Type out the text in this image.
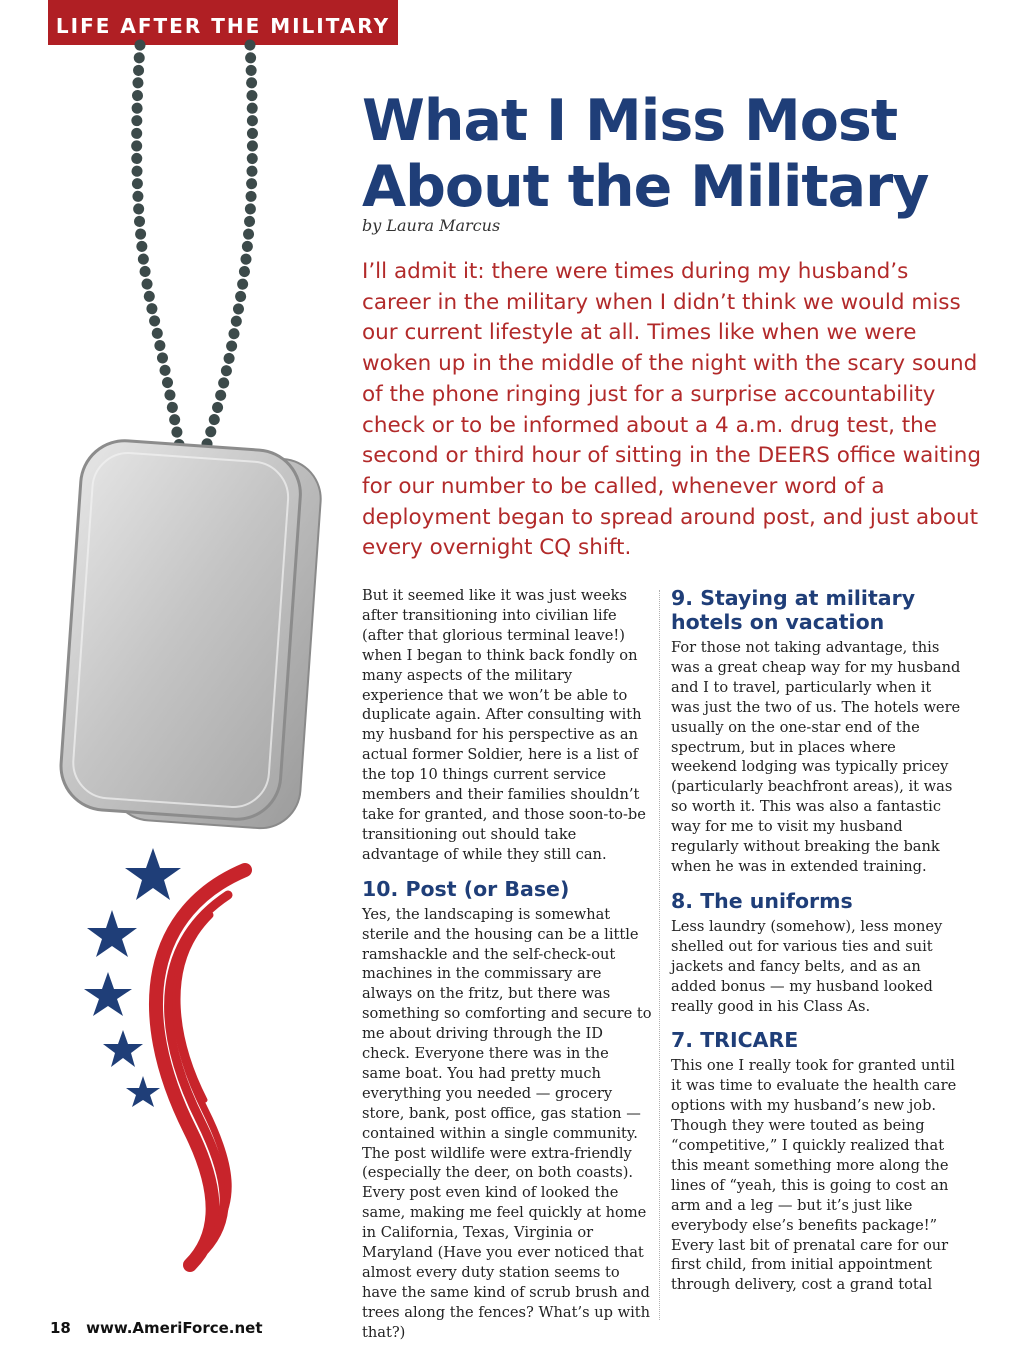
LIFE AFTER THE MILITARY
What I Miss Most About the Military
by Laura Marcus

I’ll admit it: there were times during my husband’s career in the military when I didn’t think we would miss our current lifestyle at all. Times like when we were woken up in the middle of the night with the scary sound of the phone ringing just for a surprise accountability check or to be informed about a 4 a.m. drug test, the second or third hour of sitting in the DEERS office waiting for our number to be called, whenever word of a deployment began to spread around post, and just about every overnight CQ shift.

But it seemed like it was just weeks after transitioning into civilian life (after that glorious terminal leave!) when I began to think back fondly on many aspects of the military experience that we won’t be able to duplicate again. After consulting with my husband for his perspective as an actual former Soldier, here is a list of the top 10 things current service members and their families shouldn’t take for granted, and those soon-to-be transitioning out should take advantage of while they still can.

10. Post (or Base)

Yes, the landscaping is somewhat sterile and the housing can be a little ramshackle and the self-check-out machines in the commissary are always on the fritz, but there was something so comforting and secure to me about driving through the ID check. Everyone there was in the same boat. You had pretty much everything you needed — grocery store, bank, post office, gas station — contained within a single community. The post wildlife were extra-friendly (especially the deer, on both coasts). Every post even kind of looked the same, making me feel quickly at home in California, Texas, Virginia or Maryland (Have you ever noticed that almost every duty station seems to have the same kind of scrub brush and trees along the fences? What’s up with that?)

9. Staying at military hotels on vacation

For those not taking advantage, this was a great cheap way for my husband and I to travel, particularly when it was just the two of us. The hotels were usually on the one-star end of the spectrum, but in places where weekend lodging was typically pricey (particularly beachfront areas), it was so worth it. This was also a fantastic way for me to visit my husband regularly without breaking the bank when he was in extended training.

8. The uniforms

Less laundry (somehow), less money shelled out for various ties and suit jackets and fancy belts, and as an added bonus — my husband looked really good in his Class As.

7. TRICARE

This one I really took for granted until it was time to evaluate the health care options with my husband’s new job. Though they were touted as being “competitive,” I quickly realized that this meant something more along the lines of “yeah, this is going to cost an arm and a leg — but it’s just like everybody else’s benefits package!” Every last bit of prenatal care for our first child, from initial appointment through delivery, cost a grand total

18 www.AmeriForce.net
